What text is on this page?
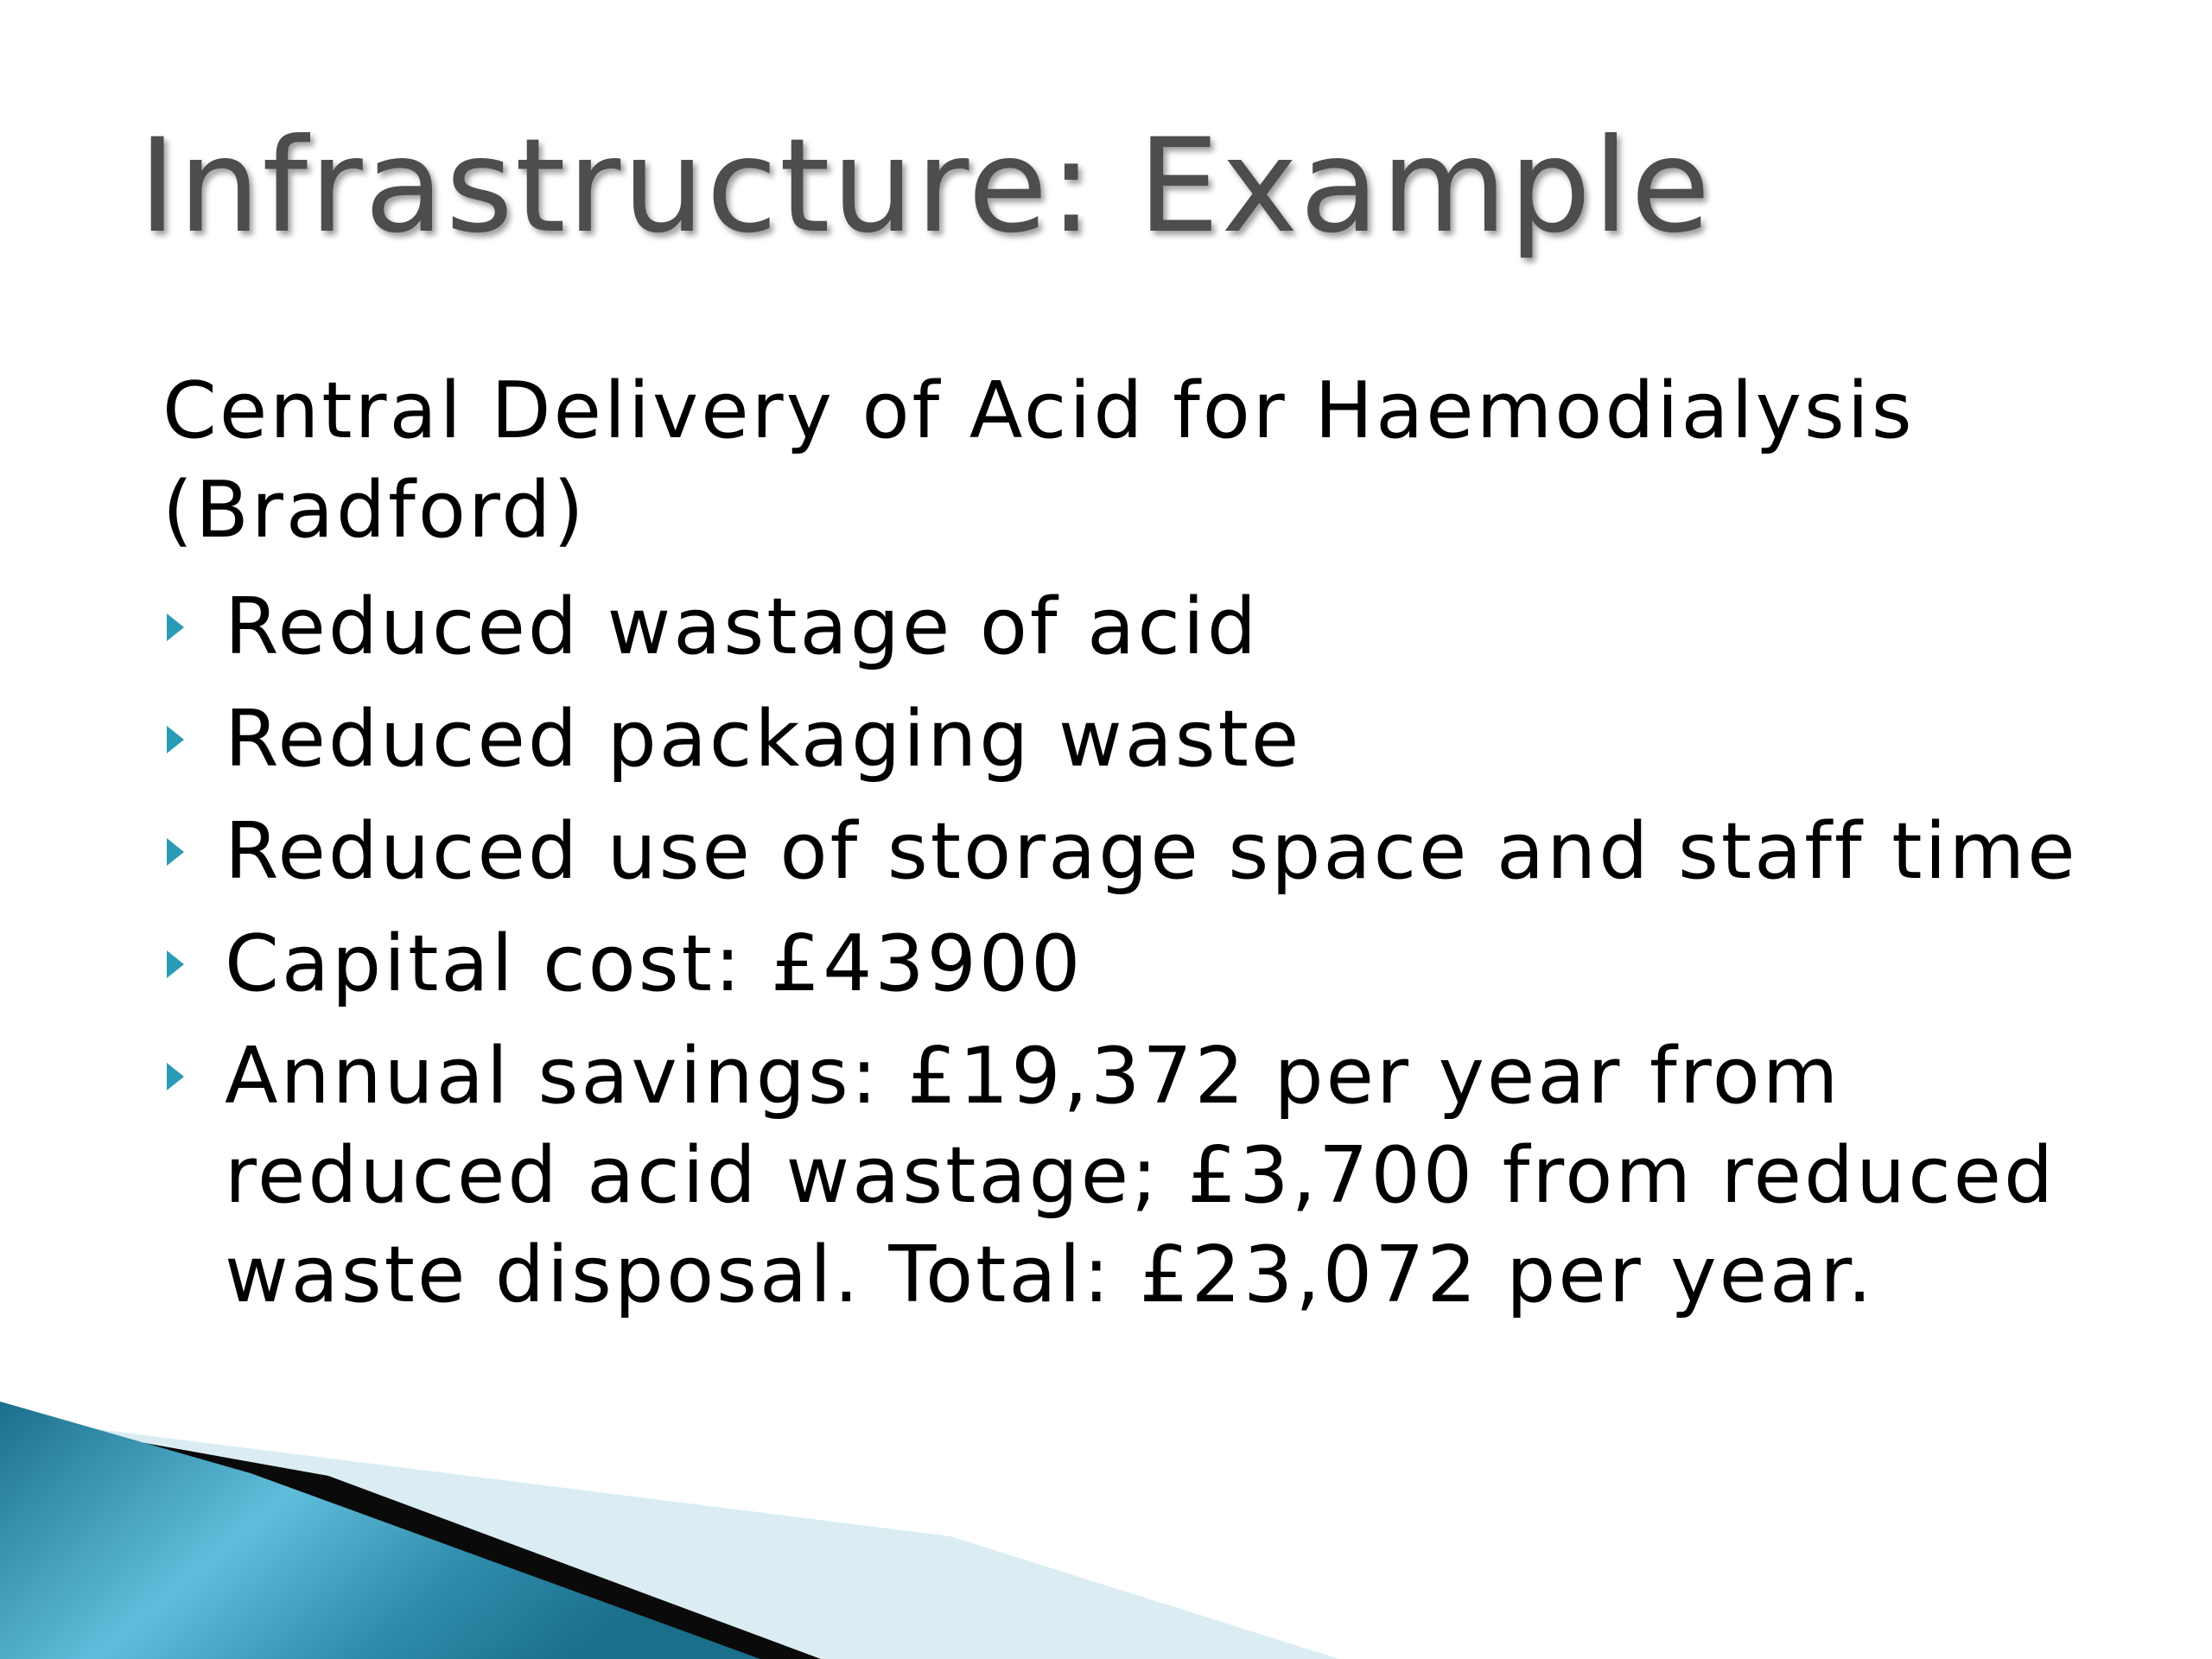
Infrastructure: Example

Central Delivery of Acid for Haemodialysis (Bradford)

Reduced wastage of acid
Reduced packaging waste
Reduced use of storage space and staff time
Capital cost: £43900
Annual savings: £19,372 per year from reduced acid wastage; £3,700 from reduced waste disposal. Total: £23,072 per year.
